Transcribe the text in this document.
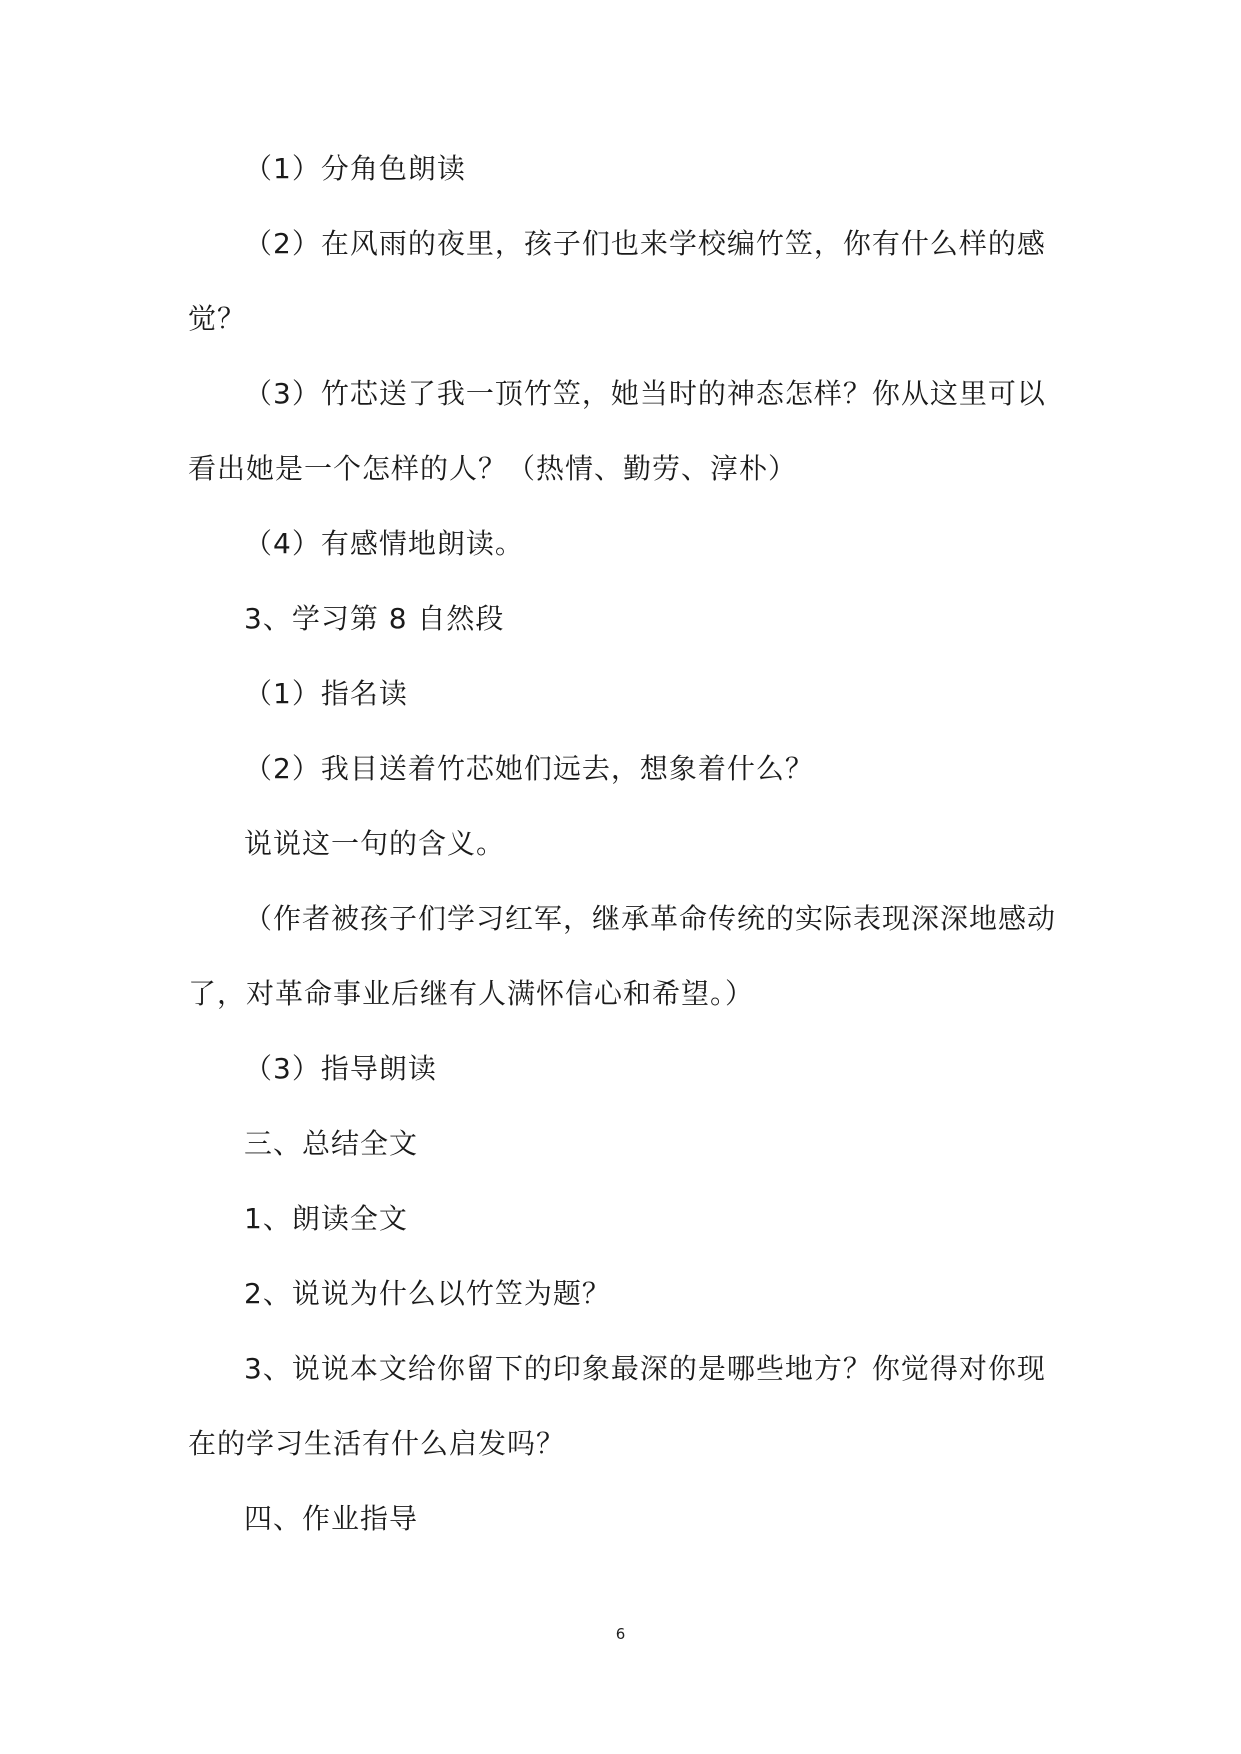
（1）分角色朗读
（2）在风雨的夜里，孩子们也来学校编竹笠，你有什么样的感
觉？
（3）竹芯送了我一顶竹笠，她当时的神态怎样？你从这里可以
看出她是一个怎样的人？（热情、勤劳、淳朴）
（4）有感情地朗读。
3、学习第 8 自然段
（1）指名读
（2）我目送着竹芯她们远去，想象着什么？
说说这一句的含义。
（作者被孩子们学习红军，继承革命传统的实际表现深深地感动
了，对革命事业后继有人满怀信心和希望。）
（3）指导朗读
三、总结全文
1、朗读全文
2、说说为什么以竹笠为题？
3、说说本文给你留下的印象最深的是哪些地方？你觉得对你现
在的学习生活有什么启发吗？
四、作业指导
6
